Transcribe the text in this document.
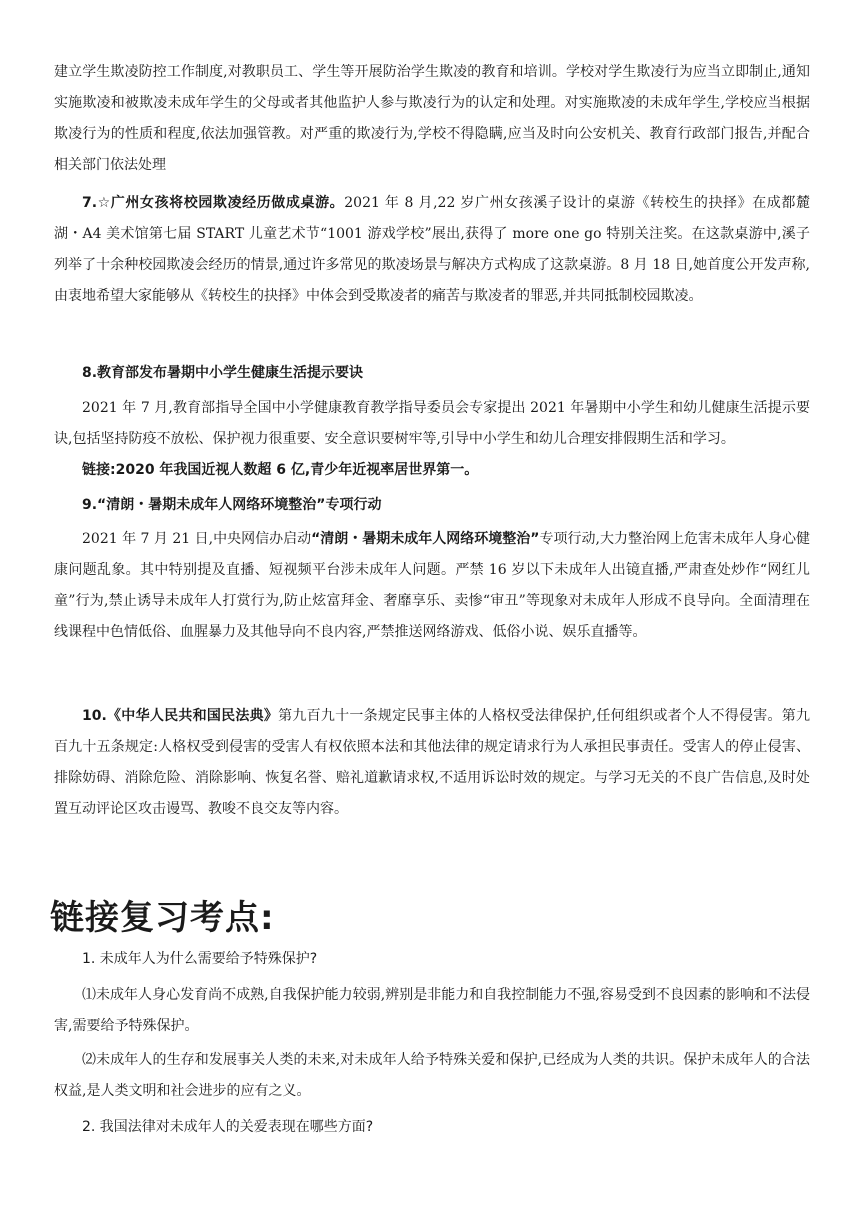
建立学生欺凌防控工作制度,对教职员工、学生等开展防治学生欺凌的教育和培训。学校对学生欺凌行为应当立即制止,通知实施欺凌和被欺凌未成年学生的父母或者其他监护人参与欺凌行为的认定和处理。对实施欺凌的未成年学生,学校应当根据欺凌行为的性质和程度,依法加强管教。对严重的欺凌行为,学校不得隐瞒,应当及时向公安机关、教育行政部门报告,并配合相关部门依法处理

7.☆广州女孩将校园欺凌经历做成桌游。2021 年 8 月,22 岁广州女孩溪子设计的桌游《转校生的抉择》在成都麓湖・A4 美术馆第七届 START 儿童艺术节“1001 游戏学校”展出,获得了 more one go 特别关注奖。在这款桌游中,溪子列举了十余种校园欺凌会经历的情景,通过许多常见的欺凌场景与解决方式构成了这款桌游。8 月 18 日,她首度公开发声称,由衷地希望大家能够从《转校生的抉择》中体会到受欺凌者的痛苦与欺凌者的罪恶,并共同抵制校园欺凌。

8.教育部发布暑期中小学生健康生活提示要诀

2021 年 7 月,教育部指导全国中小学健康教育教学指导委员会专家提出 2021 年暑期中小学生和幼儿健康生活提示要诀,包括坚持防疫不放松、保护视力很重要、安全意识要树牢等,引导中小学生和幼儿合理安排假期生活和学习。

链接:2020 年我国近视人数超 6 亿,青少年近视率居世界第一。

9.“清朗・暑期未成年人网络环境整治”专项行动

2021 年 7 月 21 日,中央网信办启动“清朗・暑期未成年人网络环境整治”专项行动,大力整治网上危害未成年人身心健康问题乱象。其中特别提及直播、短视频平台涉未成年人问题。严禁 16 岁以下未成年人出镜直播,严肃查处炒作“网红儿童”行为,禁止诱导未成年人打赏行为,防止炫富拜金、奢靡享乐、卖惨“审丑”等现象对未成年人形成不良导向。全面清理在线课程中色情低俗、血腥暴力及其他导向不良内容,严禁推送网络游戏、低俗小说、娱乐直播等。

10.《中华人民共和国民法典》第九百九十一条规定民事主体的人格权受法律保护,任何组织或者个人不得侵害。第九百九十五条规定:人格权受到侵害的受害人有权依照本法和其他法律的规定请求行为人承担民事责任。受害人的停止侵害、排除妨碍、消除危险、消除影响、恢复名誉、赔礼道歉请求权,不适用诉讼时效的规定。与学习无关的不良广告信息,及时处置互动评论区攻击谩骂、教唆不良交友等内容。

链接复习考点:

1. 未成年人为什么需要给予特殊保护?

⑴未成年人身心发育尚不成熟,自我保护能力较弱,辨别是非能力和自我控制能力不强,容易受到不良因素的影响和不法侵害,需要给予特殊保护。

⑵未成年人的生存和发展事关人类的未来,对未成年人给予特殊关爱和保护,已经成为人类的共识。保护未成年人的合法权益,是人类文明和社会进步的应有之义。

2. 我国法律对未成年人的关爱表现在哪些方面?
